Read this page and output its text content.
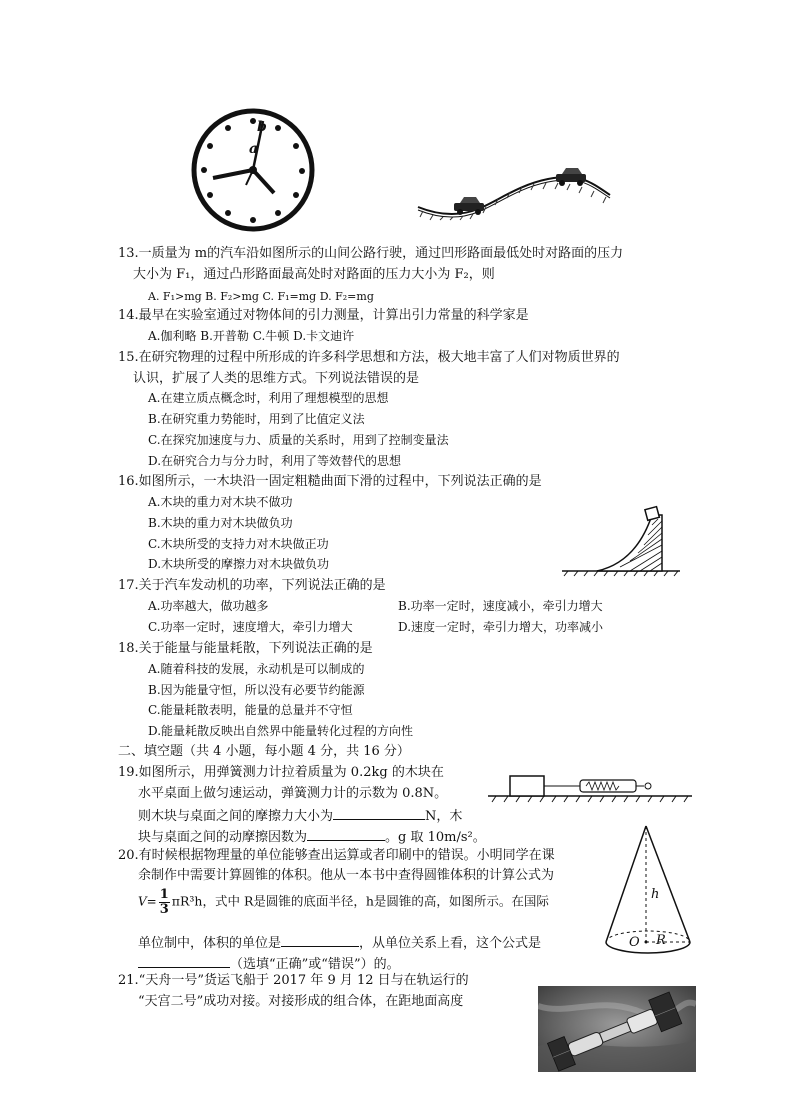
b
a
13.一质量为 m的汽车沿如图所示的山间公路行驶，通过凹形路面最低处时对路面的压力
大小为 F₁，通过凸形路面最高处时对路面的压力大小为 F₂，则
A. F₁>mg B. F₂>mg C. F₁=mg D. F₂=mg
14.最早在实验室通过对物体间的引力测量，计算出引力常量的科学家是
A.伽利略 B.开普勒 C.牛顿 D.卡文迪许
15.在研究物理的过程中所形成的许多科学思想和方法，极大地丰富了人们对物质世界的
认识，扩展了人类的思维方式。下列说法错误的是
A.在建立质点概念时，利用了理想模型的思想
B.在研究重力势能时，用到了比值定义法
C.在探究加速度与力、质量的关系时，用到了控制变量法
D.在研究合力与分力时，利用了等效替代的思想
16.如图所示，一木块沿一固定粗糙曲面下滑的过程中，下列说法正确的是
A.木块的重力对木块不做功
B.木块的重力对木块做负功
C.木块所受的支持力对木块做正功
D.木块所受的摩擦力对木块做负功
17.关于汽车发动机的功率，下列说法正确的是
A.功率越大，做功越多	B.功率一定时，速度减小，牵引力增大
C.功率一定时，速度增大，牵引力增大	D.速度一定时，牵引力增大，功率减小
18.关于能量与能量耗散，下列说法正确的是
A.随着科技的发展，永动机是可以制成的
B.因为能量守恒，所以没有必要节约能源
C.能量耗散表明，能量的总量并不守恒
D.能量耗散反映出自然界中能量转化过程的方向性
二、填空题（共 4 小题，每小题 4 分，共 16 分）
19.如图所示，用弹簧测力计拉着质量为 0.2kg 的木块在
水平桌面上做匀速运动，弹簧测力计的示数为 0.8N。
则木块与桌面之间的摩擦力大小为	N，木
块与桌面之间的动摩擦因数为	。g 取 10m/s²。
20.有时候根据物理量的单位能够查出运算或者印刷中的错误。小明同学在课
余制作中需要计算圆锥的体积。他从一本书中查得圆锥体积的计算公式为
$V= \frac{1}{3} \pi R^3h$，式中 R是圆锥的底面半径，h是圆锥的高，如图所示。在国际
单位制中，体积的单位是	，从单位关系上看，这个公式是
（选填“正确”或“错误”）的。
h
O R
21.“天舟一号”货运飞船于 2017 年 9 月 12 日与在轨运行的
“天宫二号”成功对接。对接形成的组合体，在距地面高度
